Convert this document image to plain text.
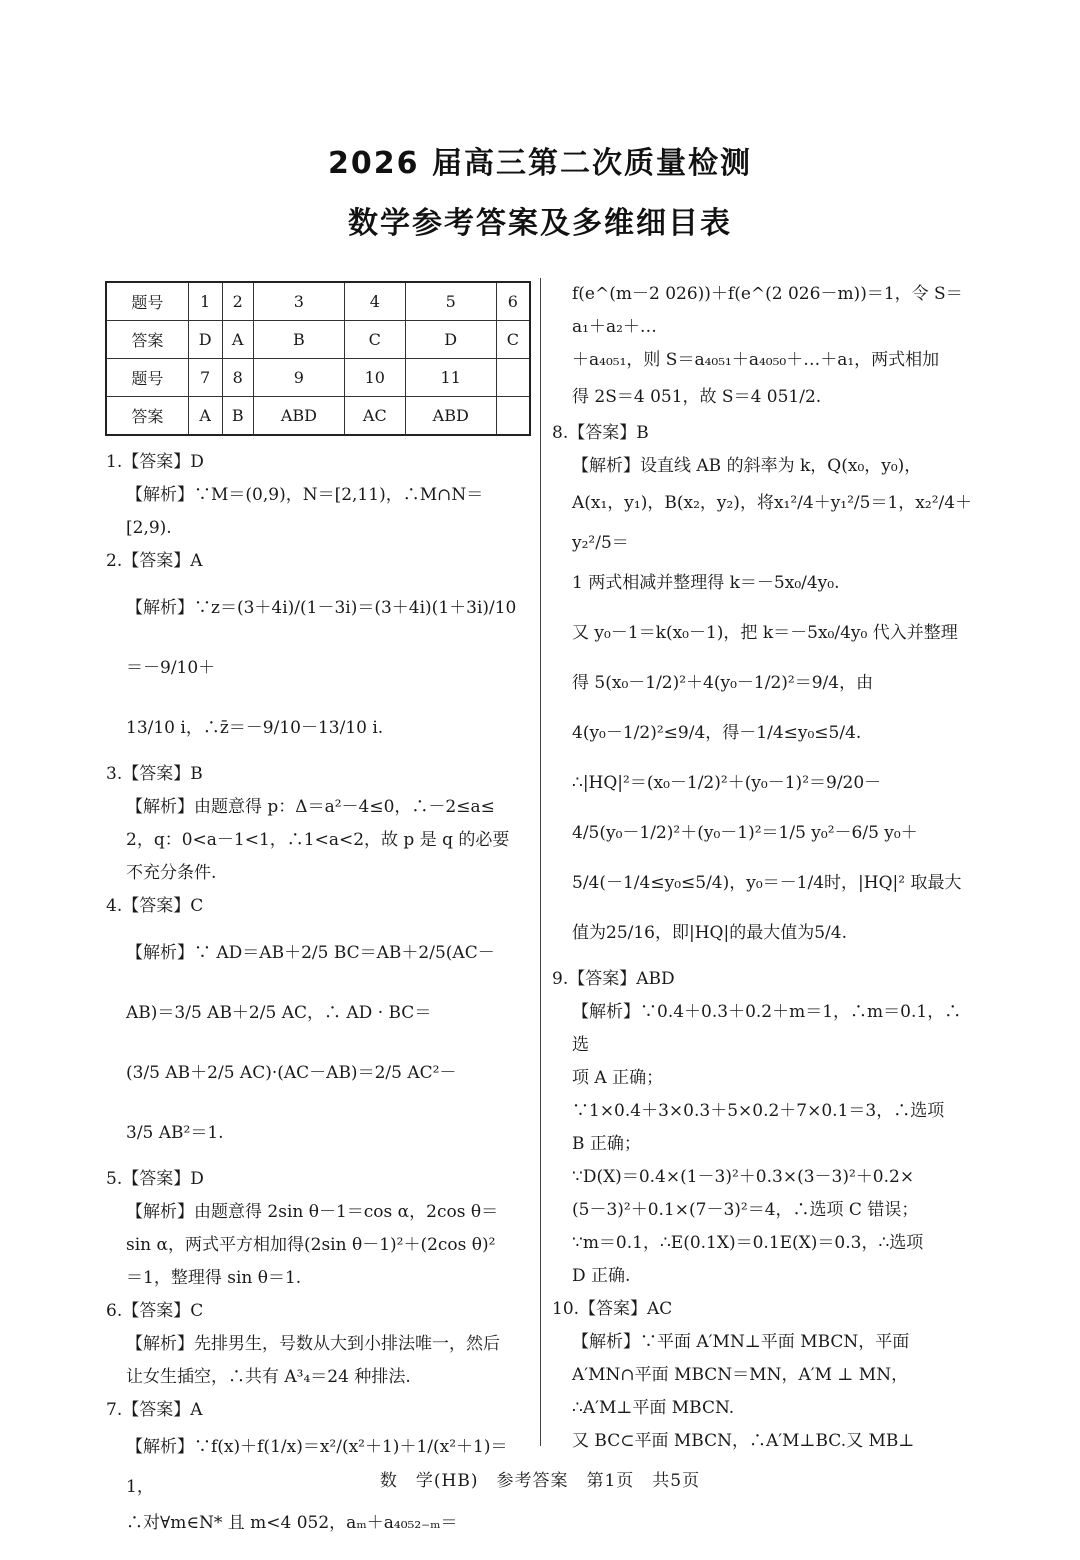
2026 届高三第二次质量检测
数学参考答案及多维细目表
题号	1	2	3	4	5	6
答案	D	A	B	C	D	C
题号	7	8	9	10	11	
答案	A	B	ABD	AC	ABD	

1.【答案】D

【解析】∵M＝(0,9)，N＝[2,11)，∴M∩N＝

[2,9).

2.【答案】A

【解析】∵z＝(3＋4i)/(1－3i)＝(3＋4i)(1＋3i)/10＝－9/10＋

13/10 i，∴z̄＝－9/10－13/10 i.

3.【答案】B

【解析】由题意得 p：Δ＝a²－4≤0，∴－2≤a≤

2，q：0<a－1<1，∴1<a<2，故 p 是 q 的必要

不充分条件.

4.【答案】C

【解析】∵ AD＝AB＋2/5 BC＝AB＋2/5(AC－

AB)＝3/5 AB＋2/5 AC，∴ AD · BC＝

(3/5 AB＋2/5 AC)·(AC－AB)＝2/5 AC²－

3/5 AB²＝1.

5.【答案】D

【解析】由题意得 2sin θ－1＝cos α，2cos θ＝

sin α，两式平方相加得(2sin θ－1)²＋(2cos θ)²

＝1，整理得 sin θ＝1.

6.【答案】C

【解析】先排男生，号数从大到小排法唯一，然后

让女生插空，∴共有 A³₄＝24 种排法.

7.【答案】A

【解析】∵f(x)＋f(1/x)＝x²/(x²＋1)＋1/(x²＋1)＝1，

∴对∀m∈N* 且 m<4 052，aₘ＋a₄₀₅₂₋ₘ＝

f(e^(m－2 026))＋f(e^(2 026－m))＝1，令 S＝a₁＋a₂＋…

＋a₄₀₅₁，则 S＝a₄₀₅₁＋a₄₀₅₀＋…＋a₁，两式相加

得 2S＝4 051，故 S＝4 051/2.

8.【答案】B

【解析】设直线 AB 的斜率为 k，Q(x₀，y₀)，

A(x₁，y₁)，B(x₂，y₂)，将x₁²/4＋y₁²/5＝1，x₂²/4＋y₂²/5＝

1 两式相减并整理得 k＝－5x₀/4y₀.

又 y₀－1＝k(x₀－1)，把 k＝－5x₀/4y₀ 代入并整理

得 5(x₀－1/2)²＋4(y₀－1/2)²＝9/4，由

4(y₀－1/2)²≤9/4，得－1/4≤y₀≤5/4.

∴|HQ|²＝(x₀－1/2)²＋(y₀－1)²＝9/20－

4/5(y₀－1/2)²＋(y₀－1)²＝1/5 y₀²－6/5 y₀＋

5/4(－1/4≤y₀≤5/4)，y₀＝－1/4时，|HQ|² 取最大

值为25/16，即|HQ|的最大值为5/4.

9.【答案】ABD

【解析】∵0.4＋0.3＋0.2＋m＝1，∴m＝0.1，∴选

项 A 正确；

∵1×0.4＋3×0.3＋5×0.2＋7×0.1＝3，∴选项

B 正确；

∵D(X)＝0.4×(1－3)²＋0.3×(3－3)²＋0.2×

(5－3)²＋0.1×(7－3)²＝4，∴选项 C 错误；

∵m＝0.1，∴E(0.1X)＝0.1E(X)＝0.3，∴选项

D 正确.

10.【答案】AC

【解析】∵平面 A′MN⊥平面 MBCN，平面

A′MN∩平面 MBCN＝MN，A′M ⊥ MN，

∴A′M⊥平面 MBCN.

又 BC⊂平面 MBCN，∴A′M⊥BC.又 MB⊥

数　学(HB)　参考答案　第1页　共5页
